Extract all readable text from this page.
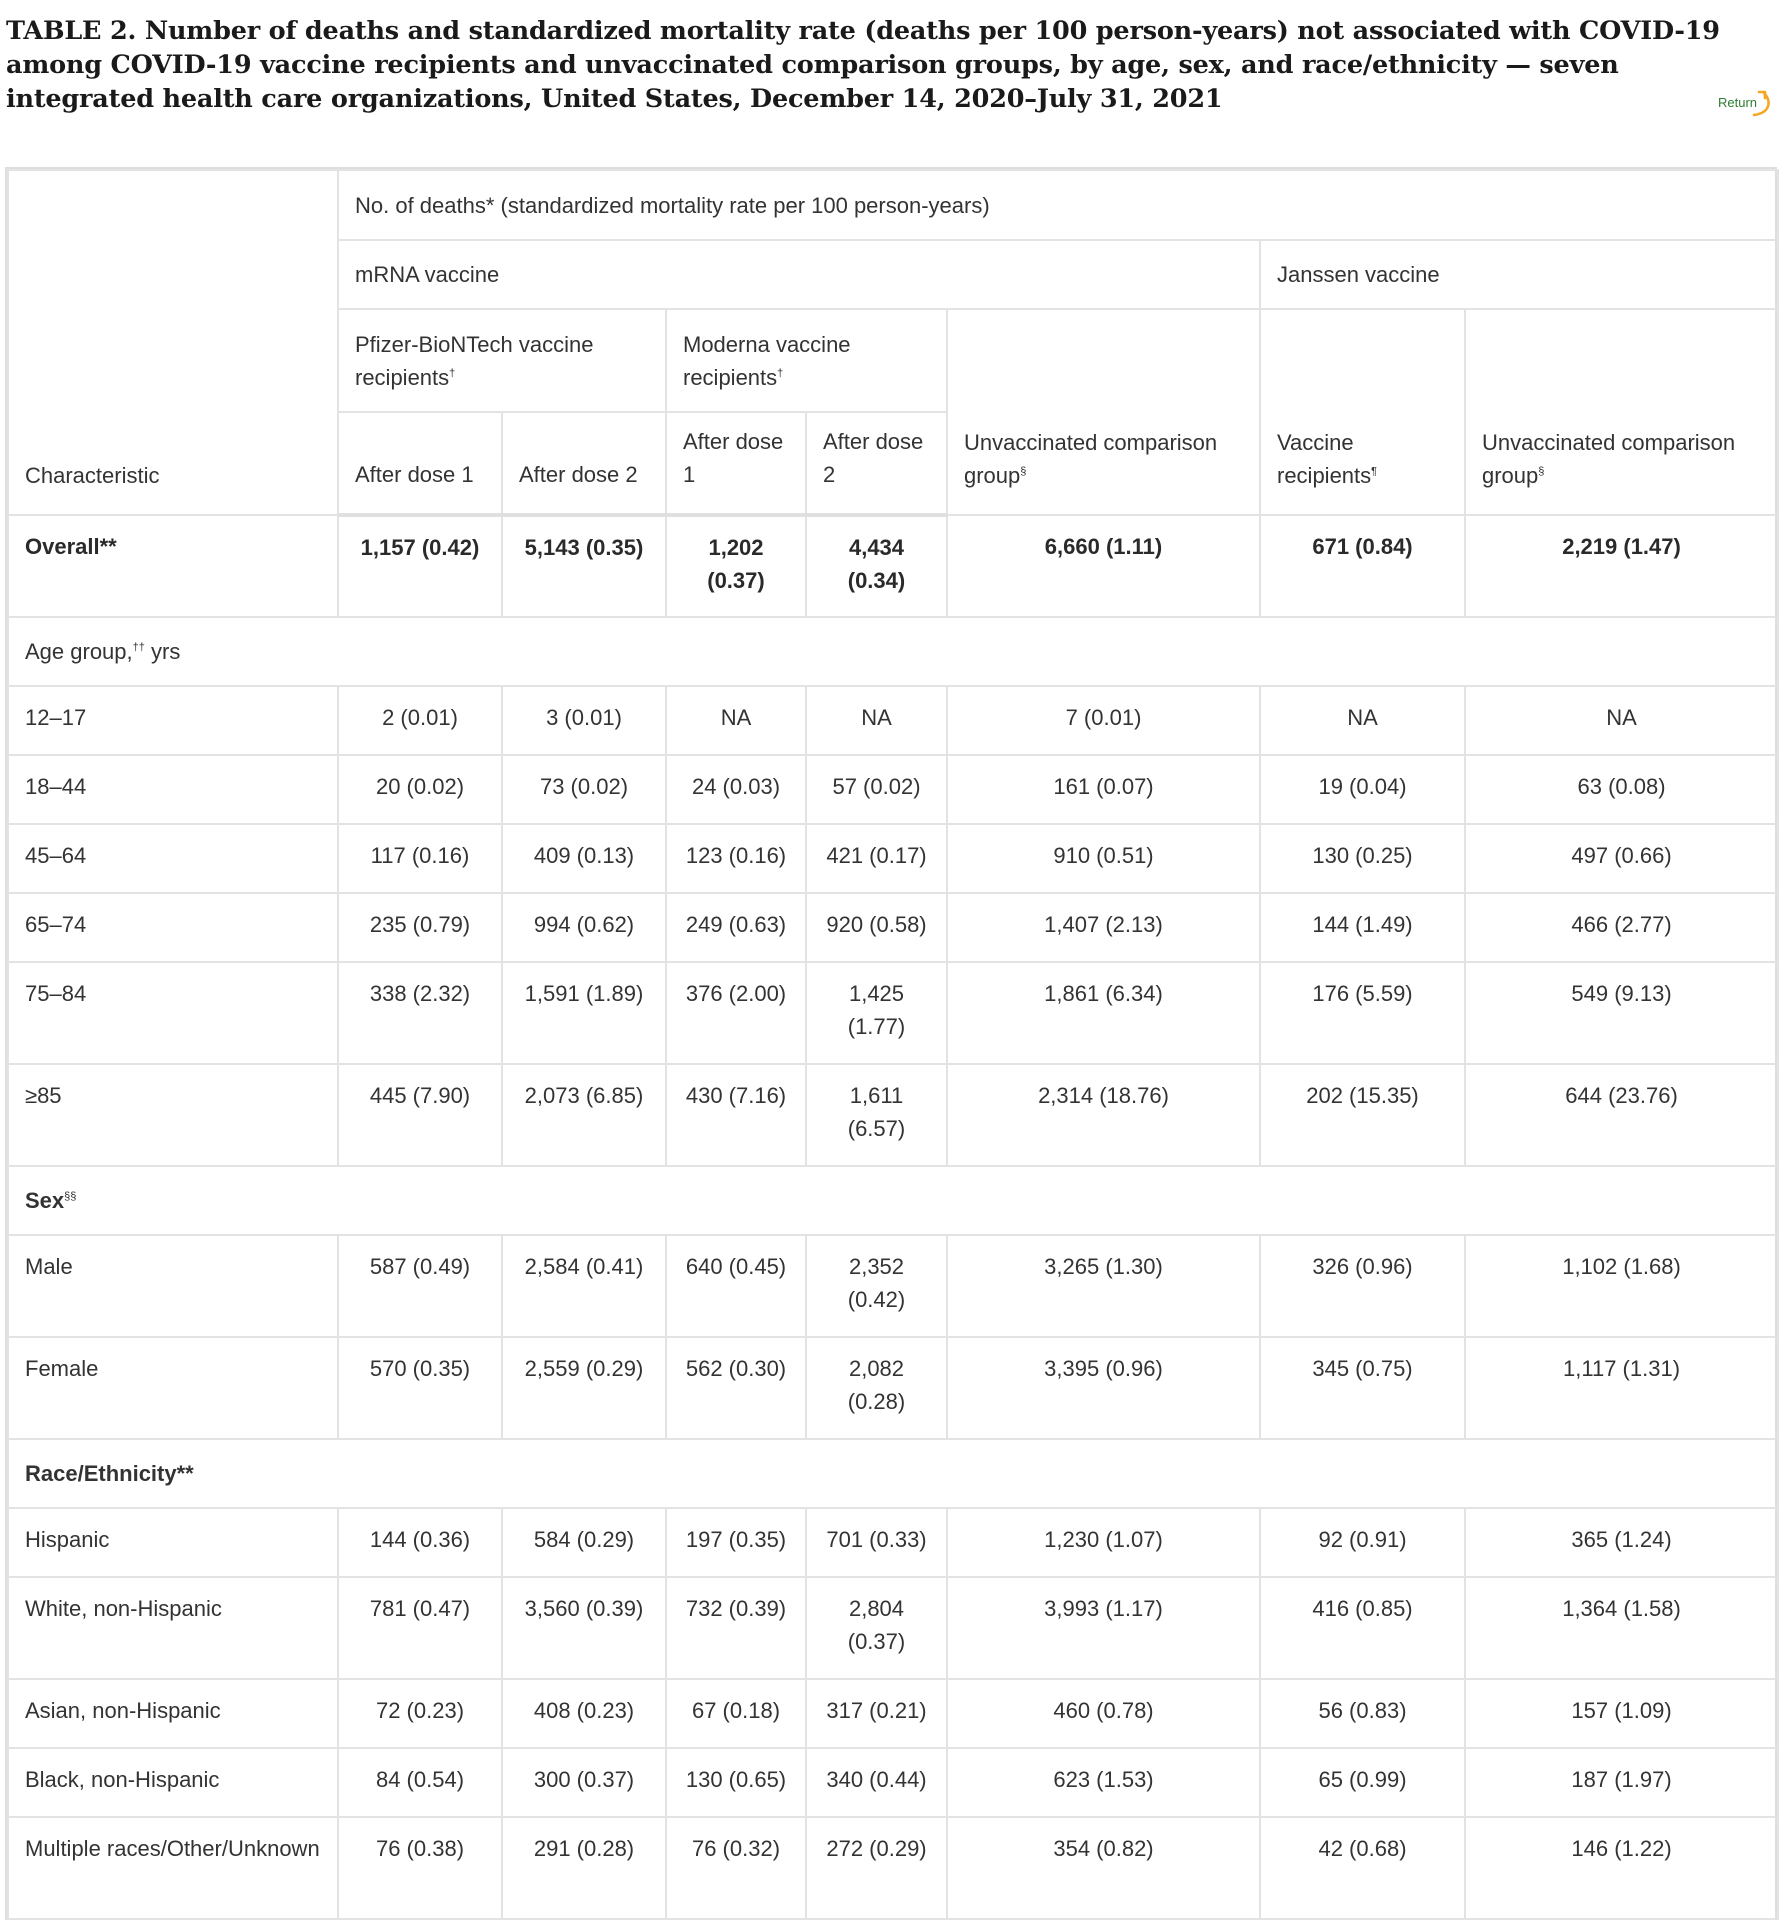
TABLE 2. Number of deaths and standardized mortality rate (deaths per 100 person-years) not associated with COVID-19 among COVID-19 vaccine recipients and unvaccinated comparison groups, by age, sex, and race/ethnicity — seven integrated health care organizations, United States, December 14, 2020–July 31, 2021	Return
Characteristic	No. of deaths* (standardized mortality rate per 100 person-years)						
	mRNA vaccine					Janssen vaccine	
	Pfizer-BioNTech vaccine recipients†		Moderna vaccine recipients†		Unvaccinated comparison group§	Vaccine recipients¶	Unvaccinated comparison group§
	After dose 1	After dose 2	After dose 1	After dose 2			
Overall**	1,157 (0.42)	5,143 (0.35)	1,202 (0.37)	4,434 (0.34)	6,660 (1.11)	671 (0.84)	2,219 (1.47)
Age group,†† yrs							
12–17	2 (0.01)	3 (0.01)	NA	NA	7 (0.01)	NA	NA
18–44	20 (0.02)	73 (0.02)	24 (0.03)	57 (0.02)	161 (0.07)	19 (0.04)	63 (0.08)
45–64	117 (0.16)	409 (0.13)	123 (0.16)	421 (0.17)	910 (0.51)	130 (0.25)	497 (0.66)
65–74	235 (0.79)	994 (0.62)	249 (0.63)	920 (0.58)	1,407 (2.13)	144 (1.49)	466 (2.77)
75–84	338 (2.32)	1,591 (1.89)	376 (2.00)	1,425 (1.77)	1,861 (6.34)	176 (5.59)	549 (9.13)
≥85	445 (7.90)	2,073 (6.85)	430 (7.16)	1,611 (6.57)	2,314 (18.76)	202 (15.35)	644 (23.76)
Sex§§
Male	587 (0.49)	2,584 (0.41)	640 (0.45)	2,352 (0.42)	3,265 (1.30)	326 (0.96)	1,102 (1.68)
Female	570 (0.35)	2,559 (0.29)	562 (0.30)	2,082 (0.28)	3,395 (0.96)	345 (0.75)	1,117 (1.31)
Race/Ethnicity**							
Hispanic	144 (0.36)	584 (0.29)	197 (0.35)	701 (0.33)	1,230 (1.07)	92 (0.91)	365 (1.24)
White, non-Hispanic	781 (0.47)	3,560 (0.39)	732 (0.39)	2,804 (0.37)	3,993 (1.17)	416 (0.85)	1,364 (1.58)
Asian, non-Hispanic	72 (0.23)	408 (0.23)	67 (0.18)	317 (0.21)	460 (0.78)	56 (0.83)	157 (1.09)
Black, non-Hispanic	84 (0.54)	300 (0.37)	130 (0.65)	340 (0.44)	623 (1.53)	65 (0.99)	187 (1.97)
Multiple races/Other/Unknown	76 (0.38)	291 (0.28)	76 (0.32)	272 (0.29)	354 (0.82)	42 (0.68)	146 (1.22)
